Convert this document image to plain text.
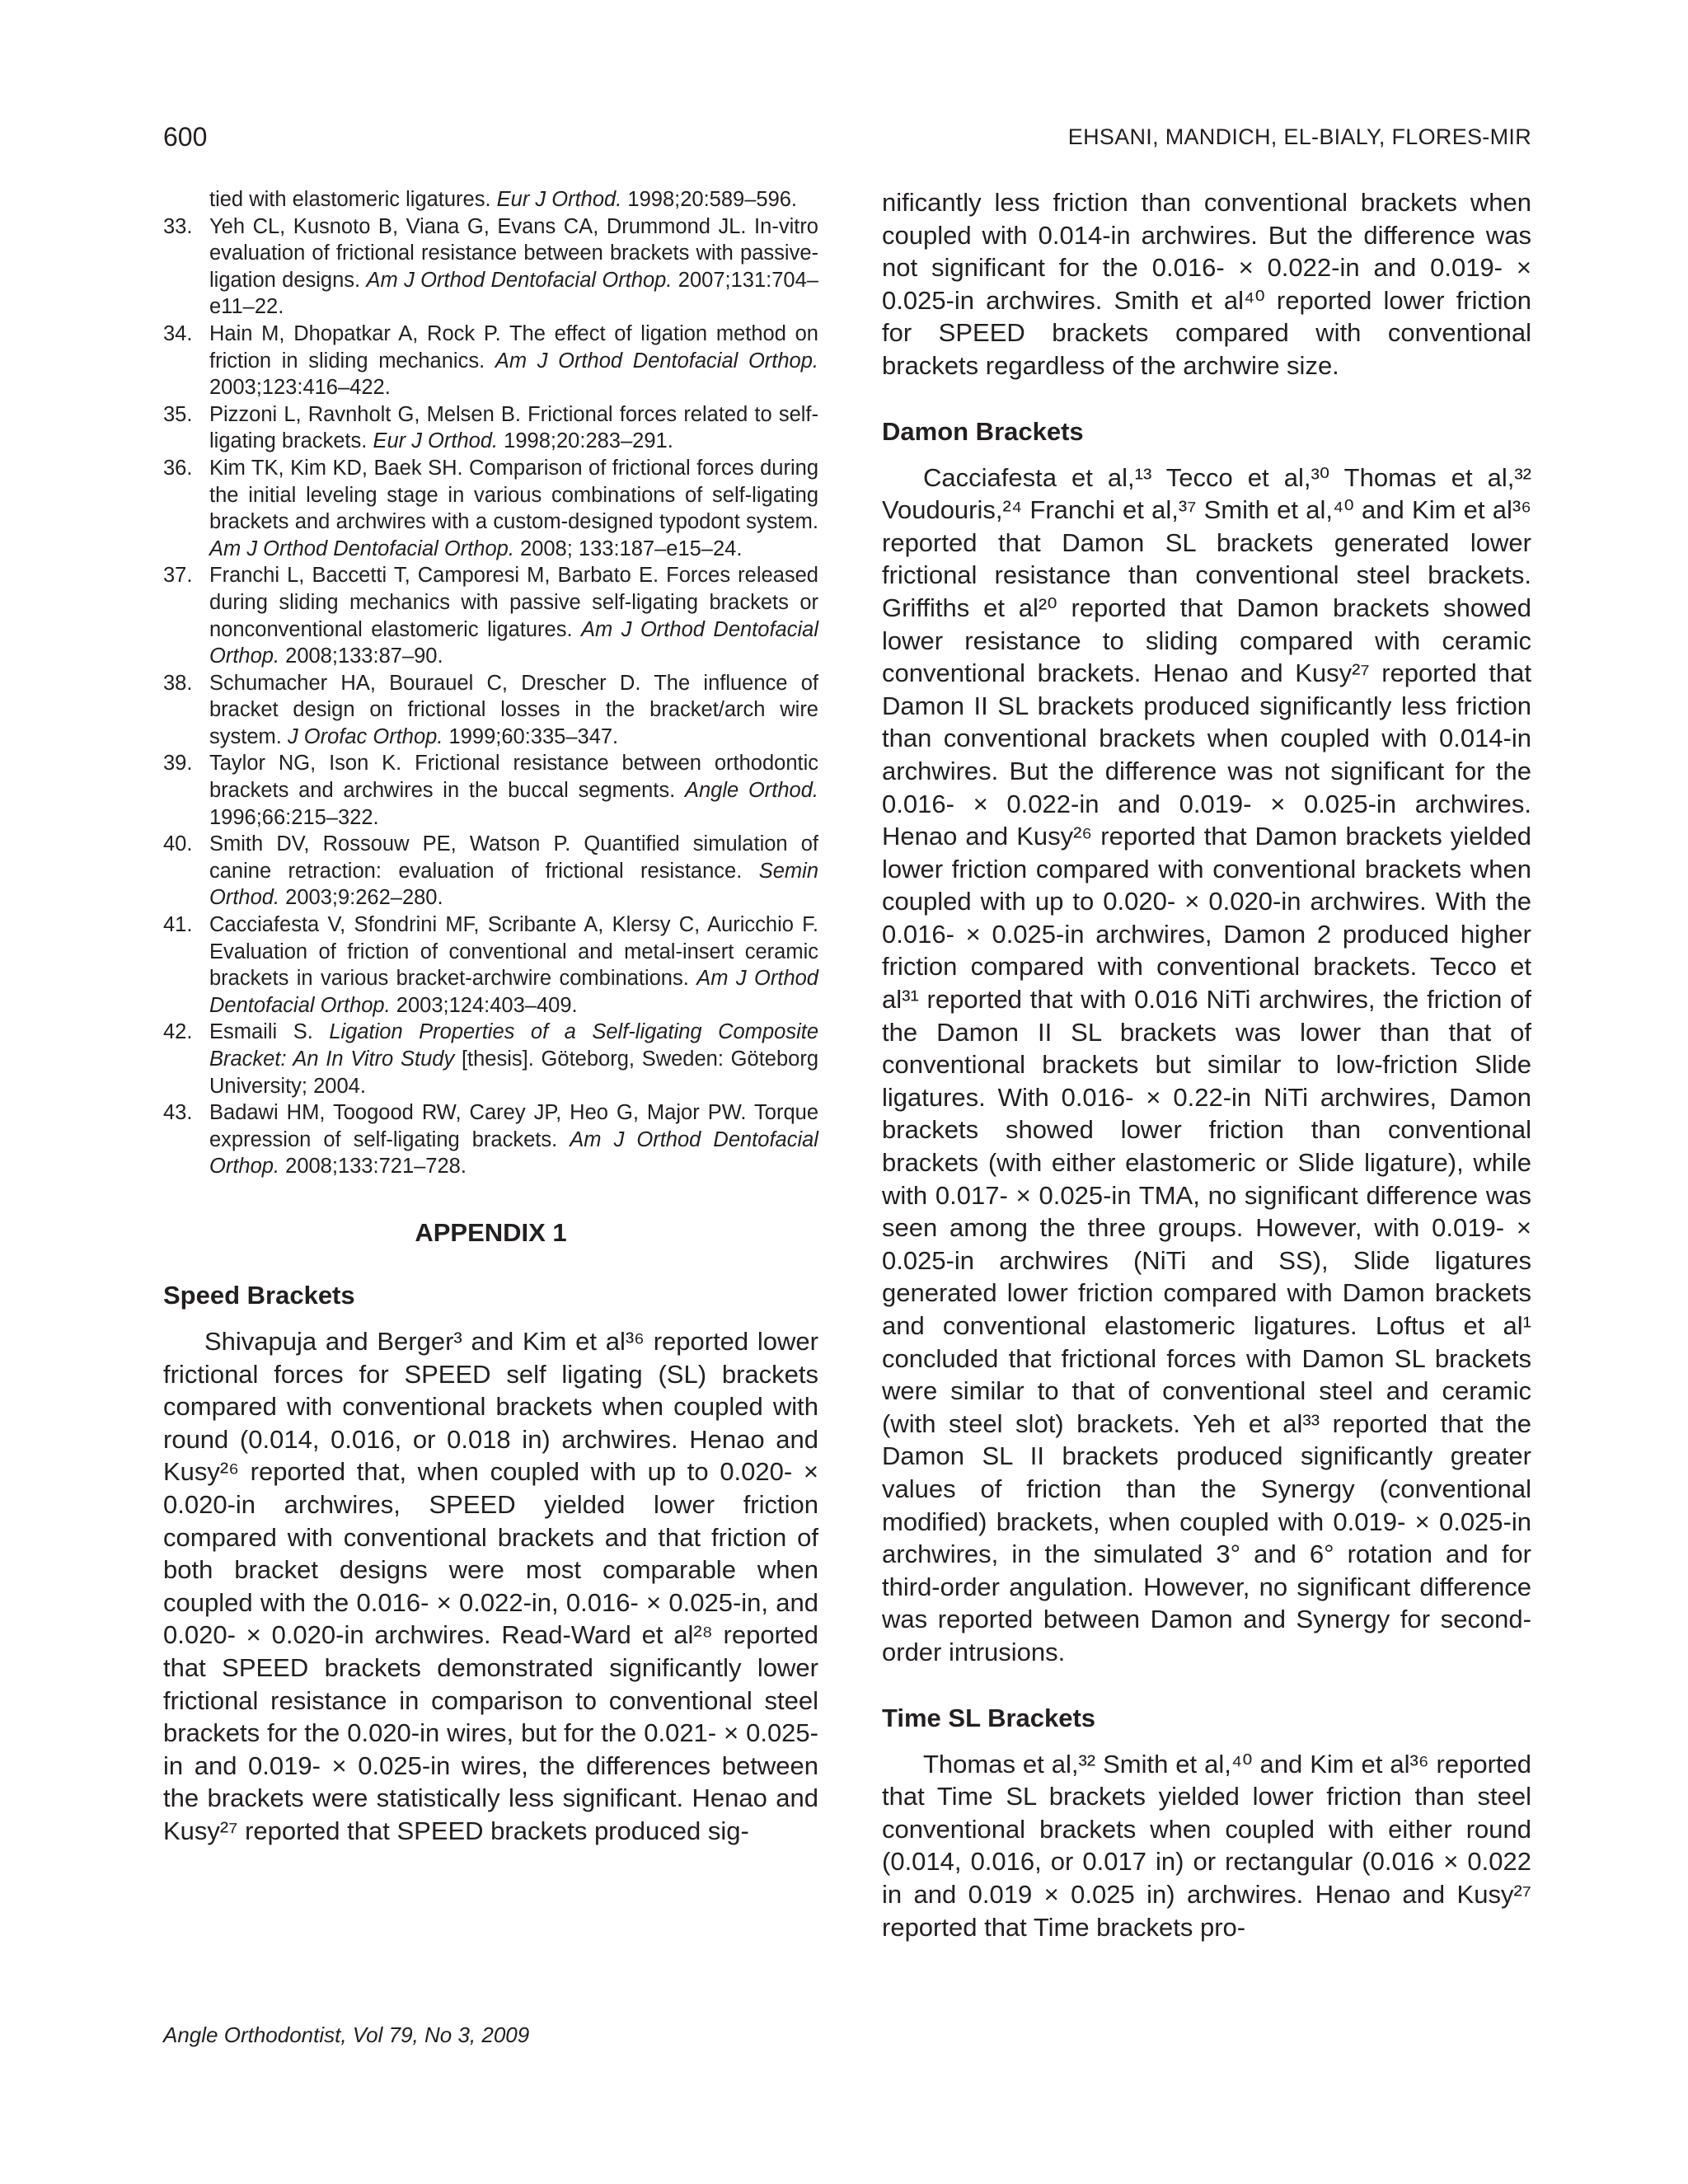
600	EHSANI, MANDICH, EL-BIALY, FLORES-MIR
tied with elastomeric ligatures. Eur J Orthod. 1998;20:589–596.
33. Yeh CL, Kusnoto B, Viana G, Evans CA, Drummond JL. In-vitro evaluation of frictional resistance between brackets with passive-ligation designs. Am J Orthod Dentofacial Orthop. 2007;131:704–e11–22.
34. Hain M, Dhopatkar A, Rock P. The effect of ligation method on friction in sliding mechanics. Am J Orthod Dentofacial Orthop. 2003;123:416–422.
35. Pizzoni L, Ravnholt G, Melsen B. Frictional forces related to self-ligating brackets. Eur J Orthod. 1998;20:283–291.
36. Kim TK, Kim KD, Baek SH. Comparison of frictional forces during the initial leveling stage in various combinations of self-ligating brackets and archwires with a custom-designed typodont system. Am J Orthod Dentofacial Orthop. 2008; 133:187–e15–24.
37. Franchi L, Baccetti T, Camporesi M, Barbato E. Forces released during sliding mechanics with passive self-ligating brackets or nonconventional elastomeric ligatures. Am J Orthod Dentofacial Orthop. 2008;133:87–90.
38. Schumacher HA, Bourauel C, Drescher D. The influence of bracket design on frictional losses in the bracket/arch wire system. J Orofac Orthop. 1999;60:335–347.
39. Taylor NG, Ison K. Frictional resistance between orthodontic brackets and archwires in the buccal segments. Angle Orthod. 1996;66:215–322.
40. Smith DV, Rossouw PE, Watson P. Quantified simulation of canine retraction: evaluation of frictional resistance. Semin Orthod. 2003;9:262–280.
41. Cacciafesta V, Sfondrini MF, Scribante A, Klersy C, Auricchio F. Evaluation of friction of conventional and metal-insert ceramic brackets in various bracket-archwire combinations. Am J Orthod Dentofacial Orthop. 2003;124:403–409.
42. Esmaili S. Ligation Properties of a Self-ligating Composite Bracket: An In Vitro Study [thesis]. Göteborg, Sweden: Göteborg University; 2004.
43. Badawi HM, Toogood RW, Carey JP, Heo G, Major PW. Torque expression of self-ligating brackets. Am J Orthod Dentofacial Orthop. 2008;133:721–728.
APPENDIX 1
Speed Brackets

Shivapuja and Berger³ and Kim et al³⁶ reported lower frictional forces for SPEED self ligating (SL) brackets compared with conventional brackets when coupled with round (0.014, 0.016, or 0.018 in) archwires. Henao and Kusy²⁶ reported that, when coupled with up to 0.020- × 0.020-in archwires, SPEED yielded lower friction compared with conventional brackets and that friction of both bracket designs were most comparable when coupled with the 0.016- × 0.022-in, 0.016- × 0.025-in, and 0.020- × 0.020-in archwires. Read-Ward et al²⁸ reported that SPEED brackets demonstrated significantly lower frictional resistance in comparison to conventional steel brackets for the 0.020-in wires, but for the 0.021- × 0.025-in and 0.019- × 0.025-in wires, the differences between the brackets were statistically less significant. Henao and Kusy²⁷ reported that SPEED brackets produced sig-

nificantly less friction than conventional brackets when coupled with 0.014-in archwires. But the difference was not significant for the 0.016- × 0.022-in and 0.019- × 0.025-in archwires. Smith et al⁴⁰ reported lower friction for SPEED brackets compared with conventional brackets regardless of the archwire size.

Damon Brackets

Cacciafesta et al,¹³ Tecco et al,³⁰ Thomas et al,³² Voudouris,²⁴ Franchi et al,³⁷ Smith et al,⁴⁰ and Kim et al³⁶ reported that Damon SL brackets generated lower frictional resistance than conventional steel brackets. Griffiths et al²⁰ reported that Damon brackets showed lower resistance to sliding compared with ceramic conventional brackets. Henao and Kusy²⁷ reported that Damon II SL brackets produced significantly less friction than conventional brackets when coupled with 0.014-in archwires. But the difference was not significant for the 0.016- × 0.022-in and 0.019- × 0.025-in archwires. Henao and Kusy²⁶ reported that Damon brackets yielded lower friction compared with conventional brackets when coupled with up to 0.020- × 0.020-in archwires. With the 0.016- × 0.025-in archwires, Damon 2 produced higher friction compared with conventional brackets. Tecco et al³¹ reported that with 0.016 NiTi archwires, the friction of the Damon II SL brackets was lower than that of conventional brackets but similar to low-friction Slide ligatures. With 0.016- × 0.22-in NiTi archwires, Damon brackets showed lower friction than conventional brackets (with either elastomeric or Slide ligature), while with 0.017- × 0.025-in TMA, no significant difference was seen among the three groups. However, with 0.019- × 0.025-in archwires (NiTi and SS), Slide ligatures generated lower friction compared with Damon brackets and conventional elastomeric ligatures. Loftus et al¹ concluded that frictional forces with Damon SL brackets were similar to that of conventional steel and ceramic (with steel slot) brackets. Yeh et al³³ reported that the Damon SL II brackets produced significantly greater values of friction than the Synergy (conventional modified) brackets, when coupled with 0.019- × 0.025-in archwires, in the simulated 3° and 6° rotation and for third-order angulation. However, no significant difference was reported between Damon and Synergy for second-order intrusions.

Time SL Brackets

Thomas et al,³² Smith et al,⁴⁰ and Kim et al³⁶ reported that Time SL brackets yielded lower friction than steel conventional brackets when coupled with either round (0.014, 0.016, or 0.017 in) or rectangular (0.016 × 0.022 in and 0.019 × 0.025 in) archwires. Henao and Kusy²⁷ reported that Time brackets pro-

Angle Orthodontist, Vol 79, No 3, 2009
